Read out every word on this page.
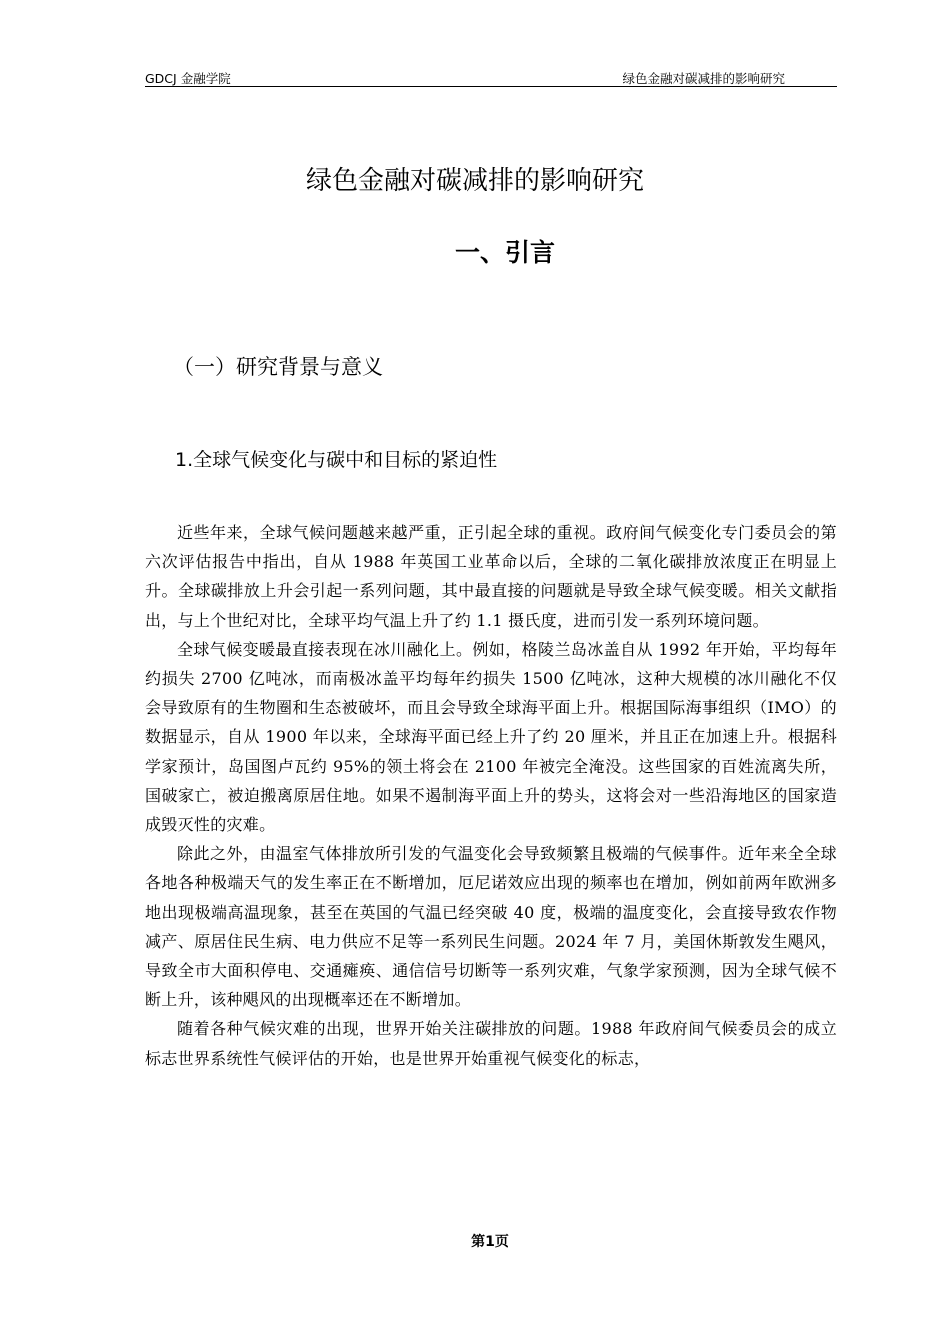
GDCJ 金融学院	绿色金融对碳减排的影响研究
绿色金融对碳减排的影响研究
一、引言
（一）研究背景与意义
1.全球气候变化与碳中和目标的紧迫性

近些年来，全球气候问题越来越严重，正引起全球的重视。政府间气候变化专门委员会的第六次评估报告中指出，自从 1988 年英国工业革命以后，全球的二氧化碳排放浓度正在明显上升。全球碳排放上升会引起一系列问题，其中最直接的问题就是导致全球气候变暖。相关文献指出，与上个世纪对比，全球平均气温上升了约 1.1 摄氏度，进而引发一系列环境问题。

全球气候变暖最直接表现在冰川融化上。例如，格陵兰岛冰盖自从 1992 年开始，平均每年约损失 2700 亿吨冰，而南极冰盖平均每年约损失 1500 亿吨冰，这种大规模的冰川融化不仅会导致原有的生物圈和生态被破坏，而且会导致全球海平面上升。根据国际海事组织（IMO）的数据显示，自从 1900 年以来，全球海平面已经上升了约 20 厘米，并且正在加速上升。根据科学家预计，岛国图卢瓦约 95%的领土将会在 2100 年被完全淹没。这些国家的百姓流离失所，国破家亡，被迫搬离原居住地。如果不遏制海平面上升的势头，这将会对一些沿海地区的国家造成毁灭性的灾难。

除此之外，由温室气体排放所引发的气温变化会导致频繁且极端的气候事件。近年来全全球各地各种极端天气的发生率正在不断增加，厄尼诺效应出现的频率也在增加，例如前两年欧洲多地出现极端高温现象，甚至在英国的气温已经突破 40 度，极端的温度变化，会直接导致农作物减产、原居住民生病、电力供应不足等一系列民生问题。2024 年 7 月，美国休斯敦发生飓风，导致全市大面积停电、交通瘫痪、通信信号切断等一系列灾难，气象学家预测，因为全球气候不断上升，该种飓风的出现概率还在不断增加。

随着各种气候灾难的出现，世界开始关注碳排放的问题。1988 年政府间气候委员会的成立标志世界系统性气候评估的开始，也是世界开始重视气候变化的标志，

第1页
